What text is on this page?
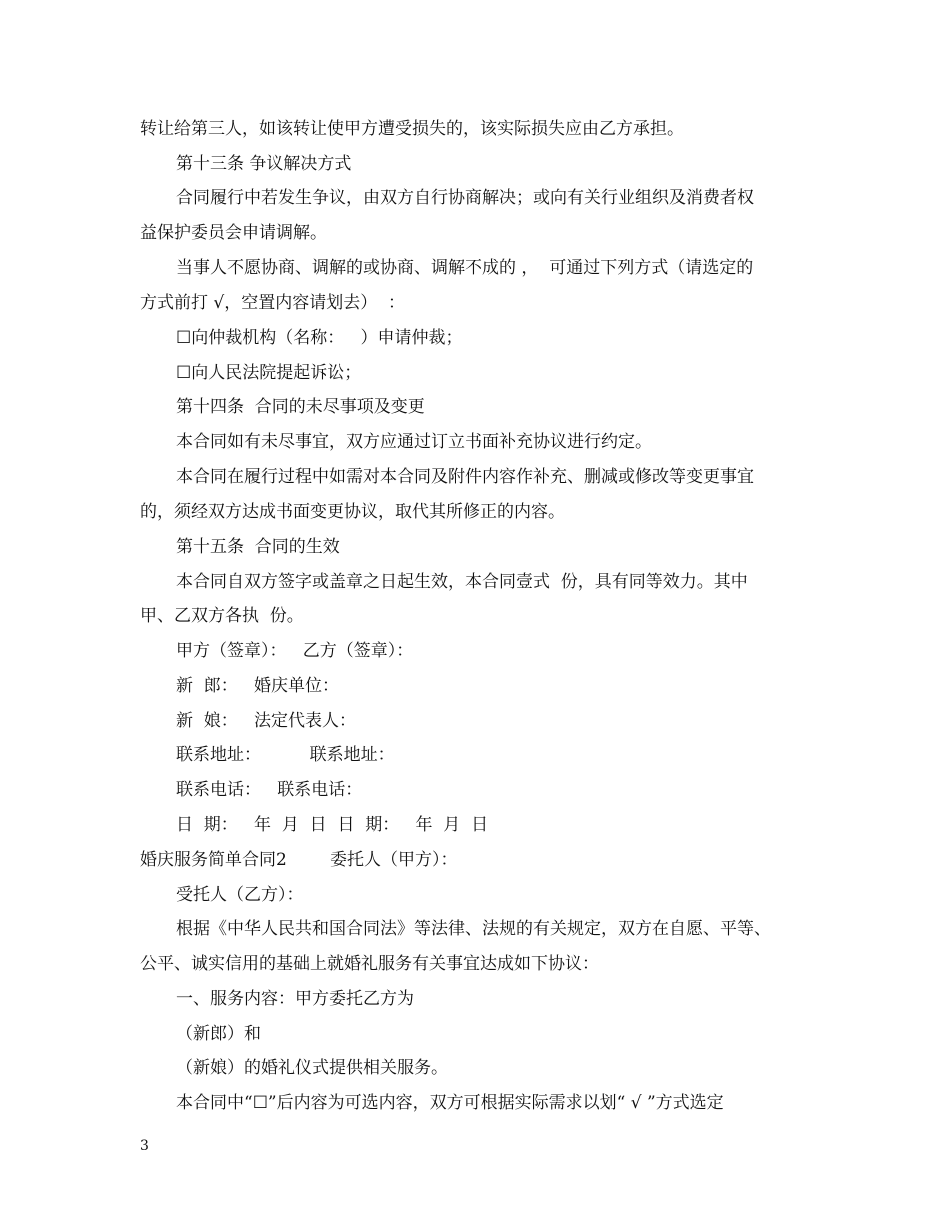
转让给第三人，如该转让使甲方遭受损失的，该实际损失应由乙方承担。
第十三条 争议解决方式
合同履行中若发生争议，由双方自行协商解决；或向有关行业组织及消费者权
益保护委员会申请调解。
当事人不愿协商、调解的或协商、调解不成的 ，  可通过下列方式（请选定的
方式前打 √，空置内容请划去）  ：
☐向仲裁机构（名称：   ）申请仲裁；
☐向人民法院提起诉讼；
第十四条  合同的未尽事项及变更
本合同如有未尽事宜，双方应通过订立书面补充协议进行约定。
本合同在履行过程中如需对本合同及附件内容作补充、删减或修改等变更事宜
的，须经双方达成书面变更协议，取代其所修正的内容。
第十五条  合同的生效
本合同自双方签字或盖章之日起生效，本合同壹式  份，具有同等效力。其中
甲、乙双方各执  份。
甲方（签章）：   乙方（签章）：
新  郎：   婚庆单位：
新  娘：   法定代表人：
联系地址：         联系地址：
联系电话：   联系电话：
日  期：   年  月  日  日  期：   年  月  日
婚庆服务简单合同2        委托人（甲方）：
受托人（乙方）：
根据《中华人民共和国合同法》等法律、法规的有关规定，双方在自愿、平等、
公平、诚实信用的基础上就婚礼服务有关事宜达成如下协议：
一、服务内容：甲方委托乙方为
（新郎）和
（新娘）的婚礼仪式提供相关服务。
本合同中“☐”后内容为可选内容，双方可根据实际需求以划“ √ ”方式选定
3
